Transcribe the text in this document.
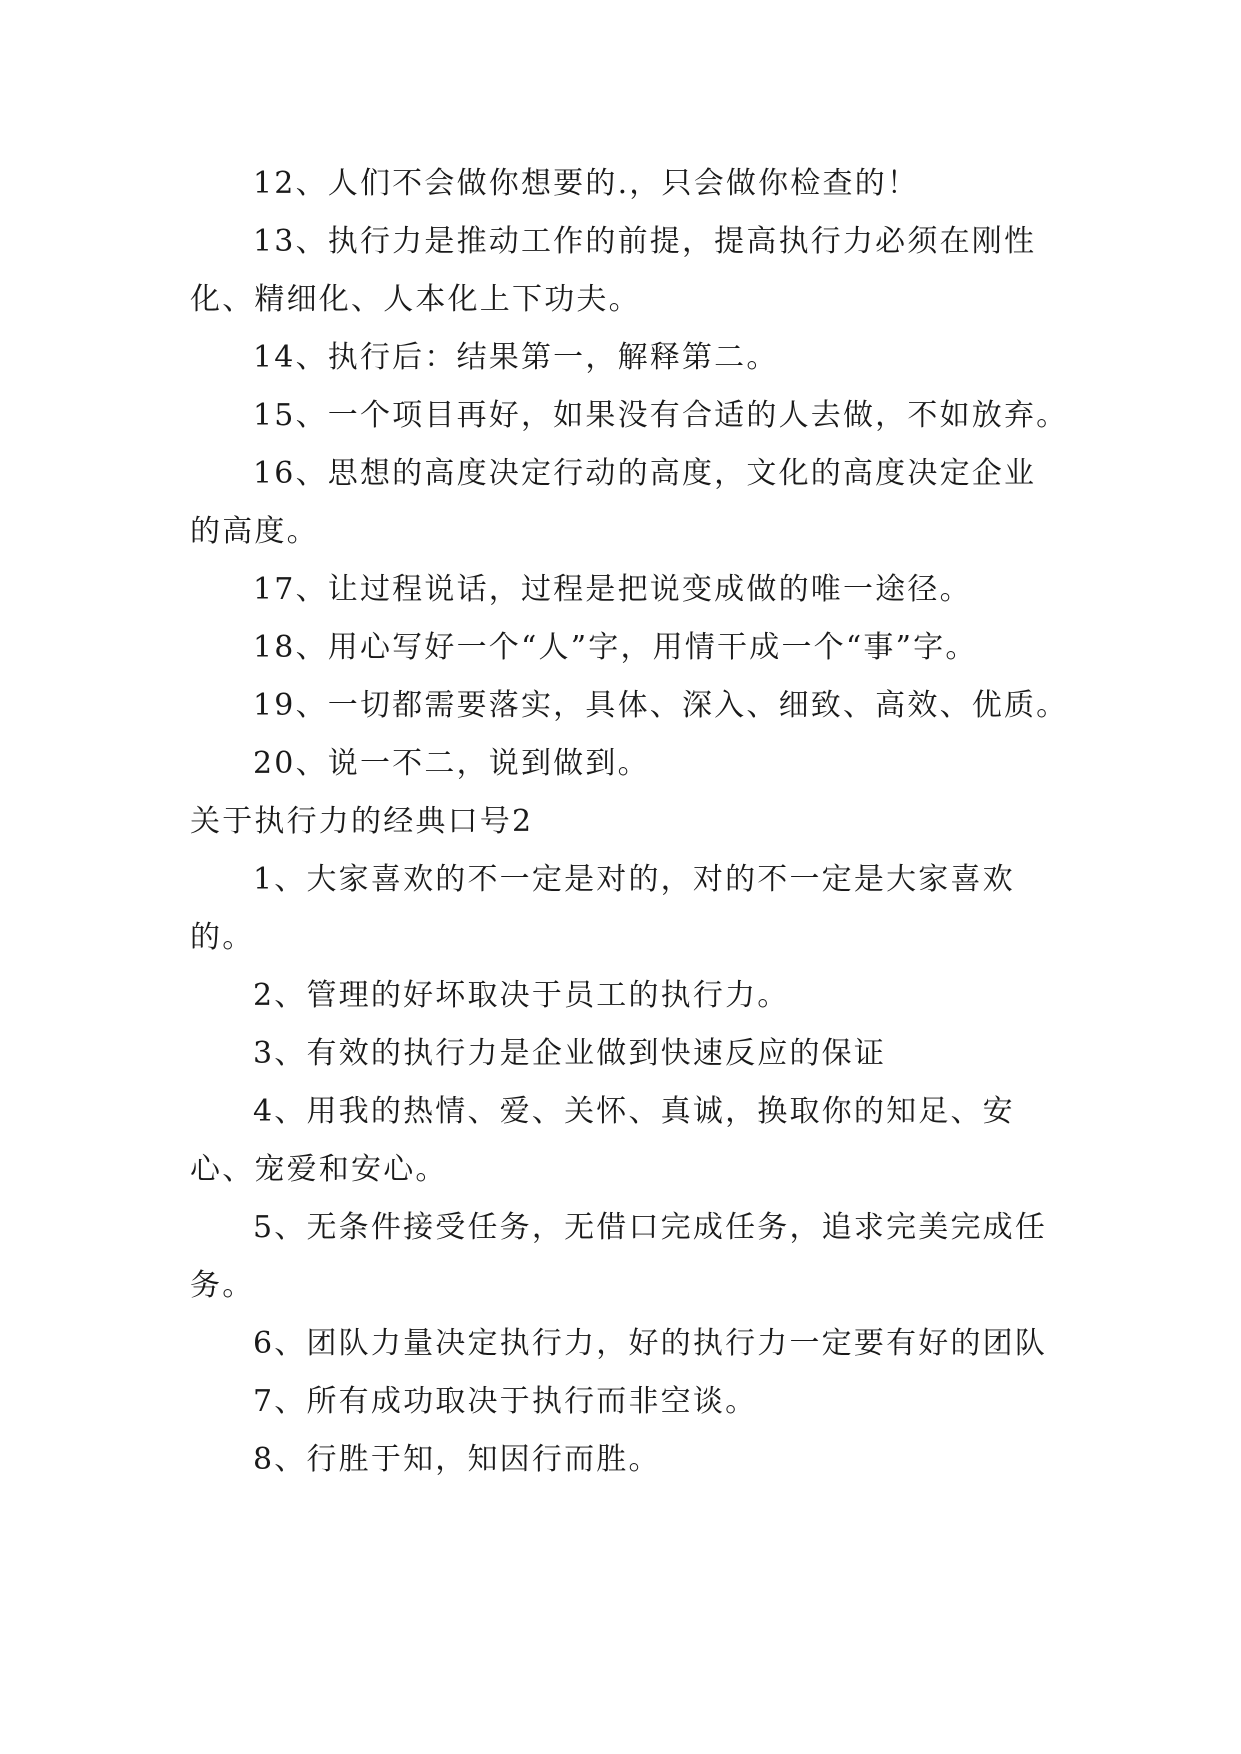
12、人们不会做你想要的.，只会做你检查的！

13、执行力是推动工作的前提，提高执行力必须在刚性化、精细化、人本化上下功夫。

14、执行后：结果第一，解释第二。

15、一个项目再好，如果没有合适的人去做，不如放弃。

16、思想的高度决定行动的高度，文化的高度决定企业的高度。

17、让过程说话，过程是把说变成做的唯一途径。

18、用心写好一个“人”字，用情干成一个“事”字。

19、一切都需要落实，具体、深入、细致、高效、优质。

20、说一不二，说到做到。

关于执行力的经典口号2

1、大家喜欢的不一定是对的，对的不一定是大家喜欢的。

2、管理的好坏取决于员工的执行力。

3、有效的执行力是企业做到快速反应的保证

4、用我的热情、爱、关怀、真诚，换取你的知足、安心、宠爱和安心。

5、无条件接受任务，无借口完成任务，追求完美完成任务。

6、团队力量决定执行力，好的执行力一定要有好的团队

7、所有成功取决于执行而非空谈。

8、行胜于知，知因行而胜。
